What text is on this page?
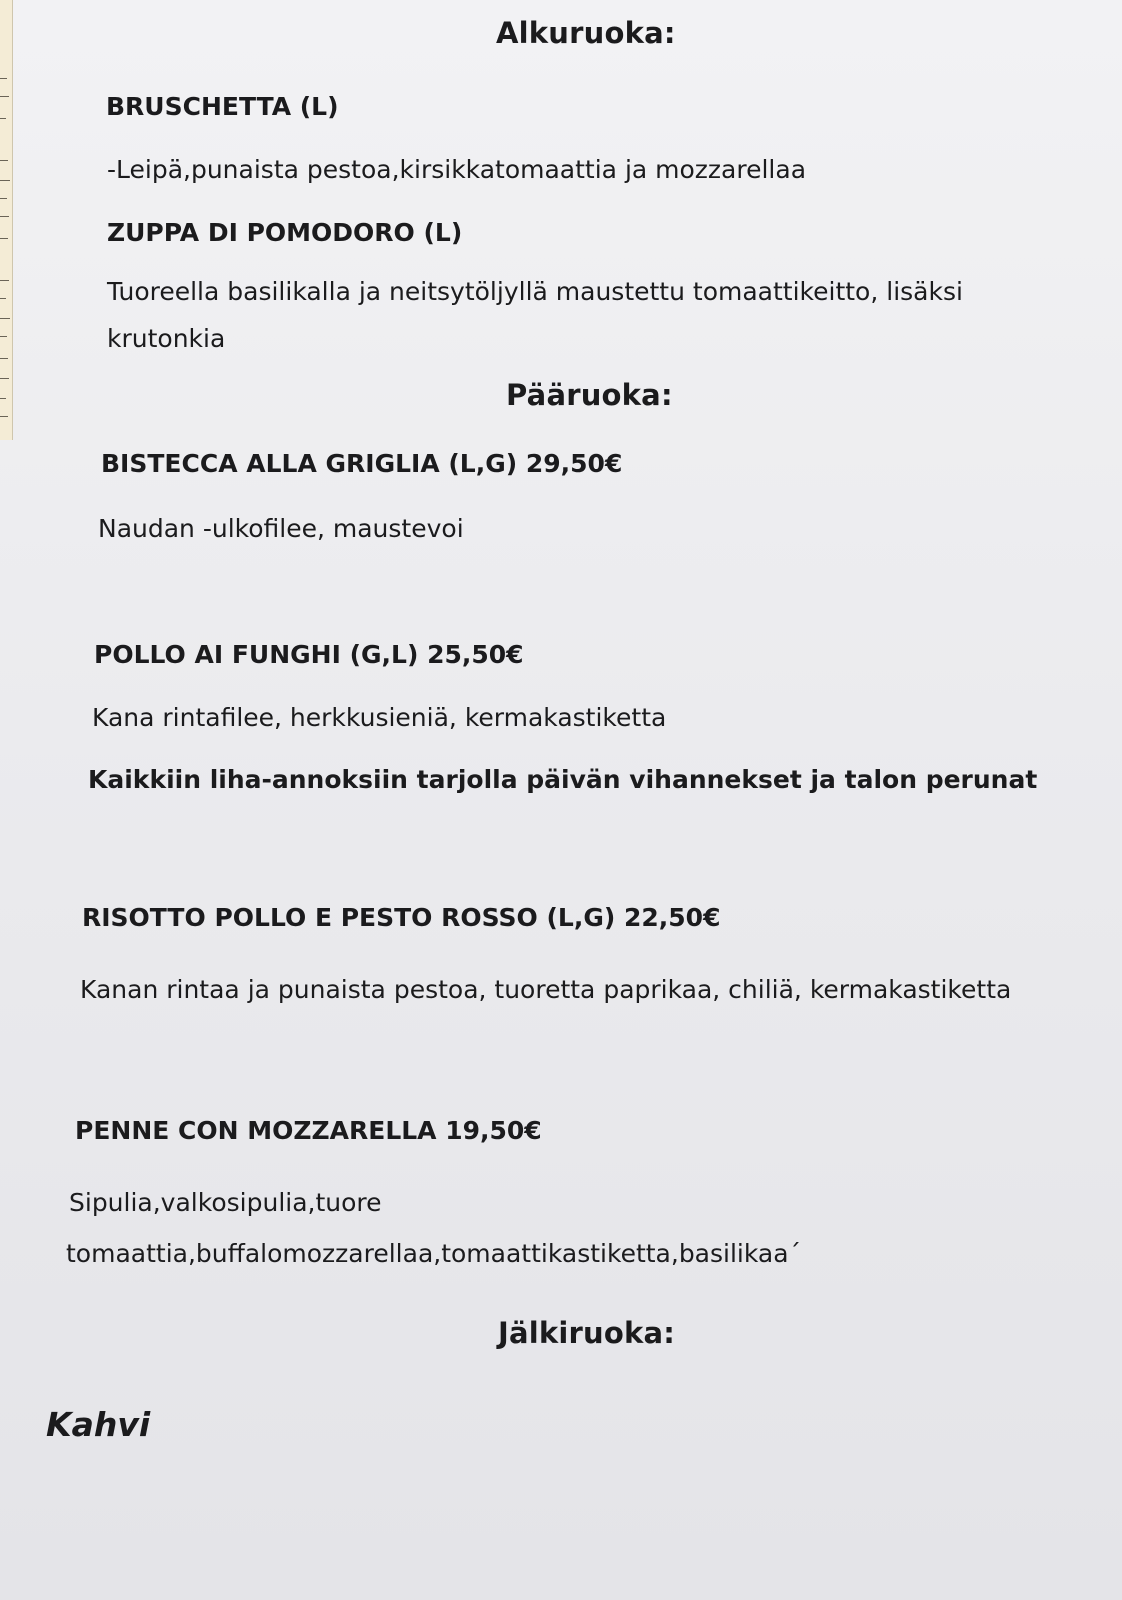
Alkuruoka:

BRUSCHETTA (L)

-Leipä,punaista pestoa,kirsikkatomaattia ja mozzarellaa

ZUPPA DI POMODORO (L)

Tuoreella basilikalla ja neitsytöljyllä maustettu tomaattikeitto, lisäksi

krutonkia

Pääruoka:

BISTECCA ALLA GRIGLIA (L,G) 29,50€

Naudan -ulkofilee, maustevoi

POLLO AI FUNGHI (G,L) 25,50€

Kana rintafilee, herkkusieniä, kermakastiketta

Kaikkiin liha-annoksiin tarjolla päivän vihannekset ja talon perunat

RISOTTO POLLO E PESTO ROSSO (L,G) 22,50€

Kanan rintaa ja punaista pestoa, tuoretta paprikaa, chiliä, kermakastiketta

PENNE CON MOZZARELLA 19,50€

Sipulia,valkosipulia,tuore

tomaattia,buffalomozzarellaa,tomaattikastiketta,basilikaa´

Jälkiruoka:

Kahvi
